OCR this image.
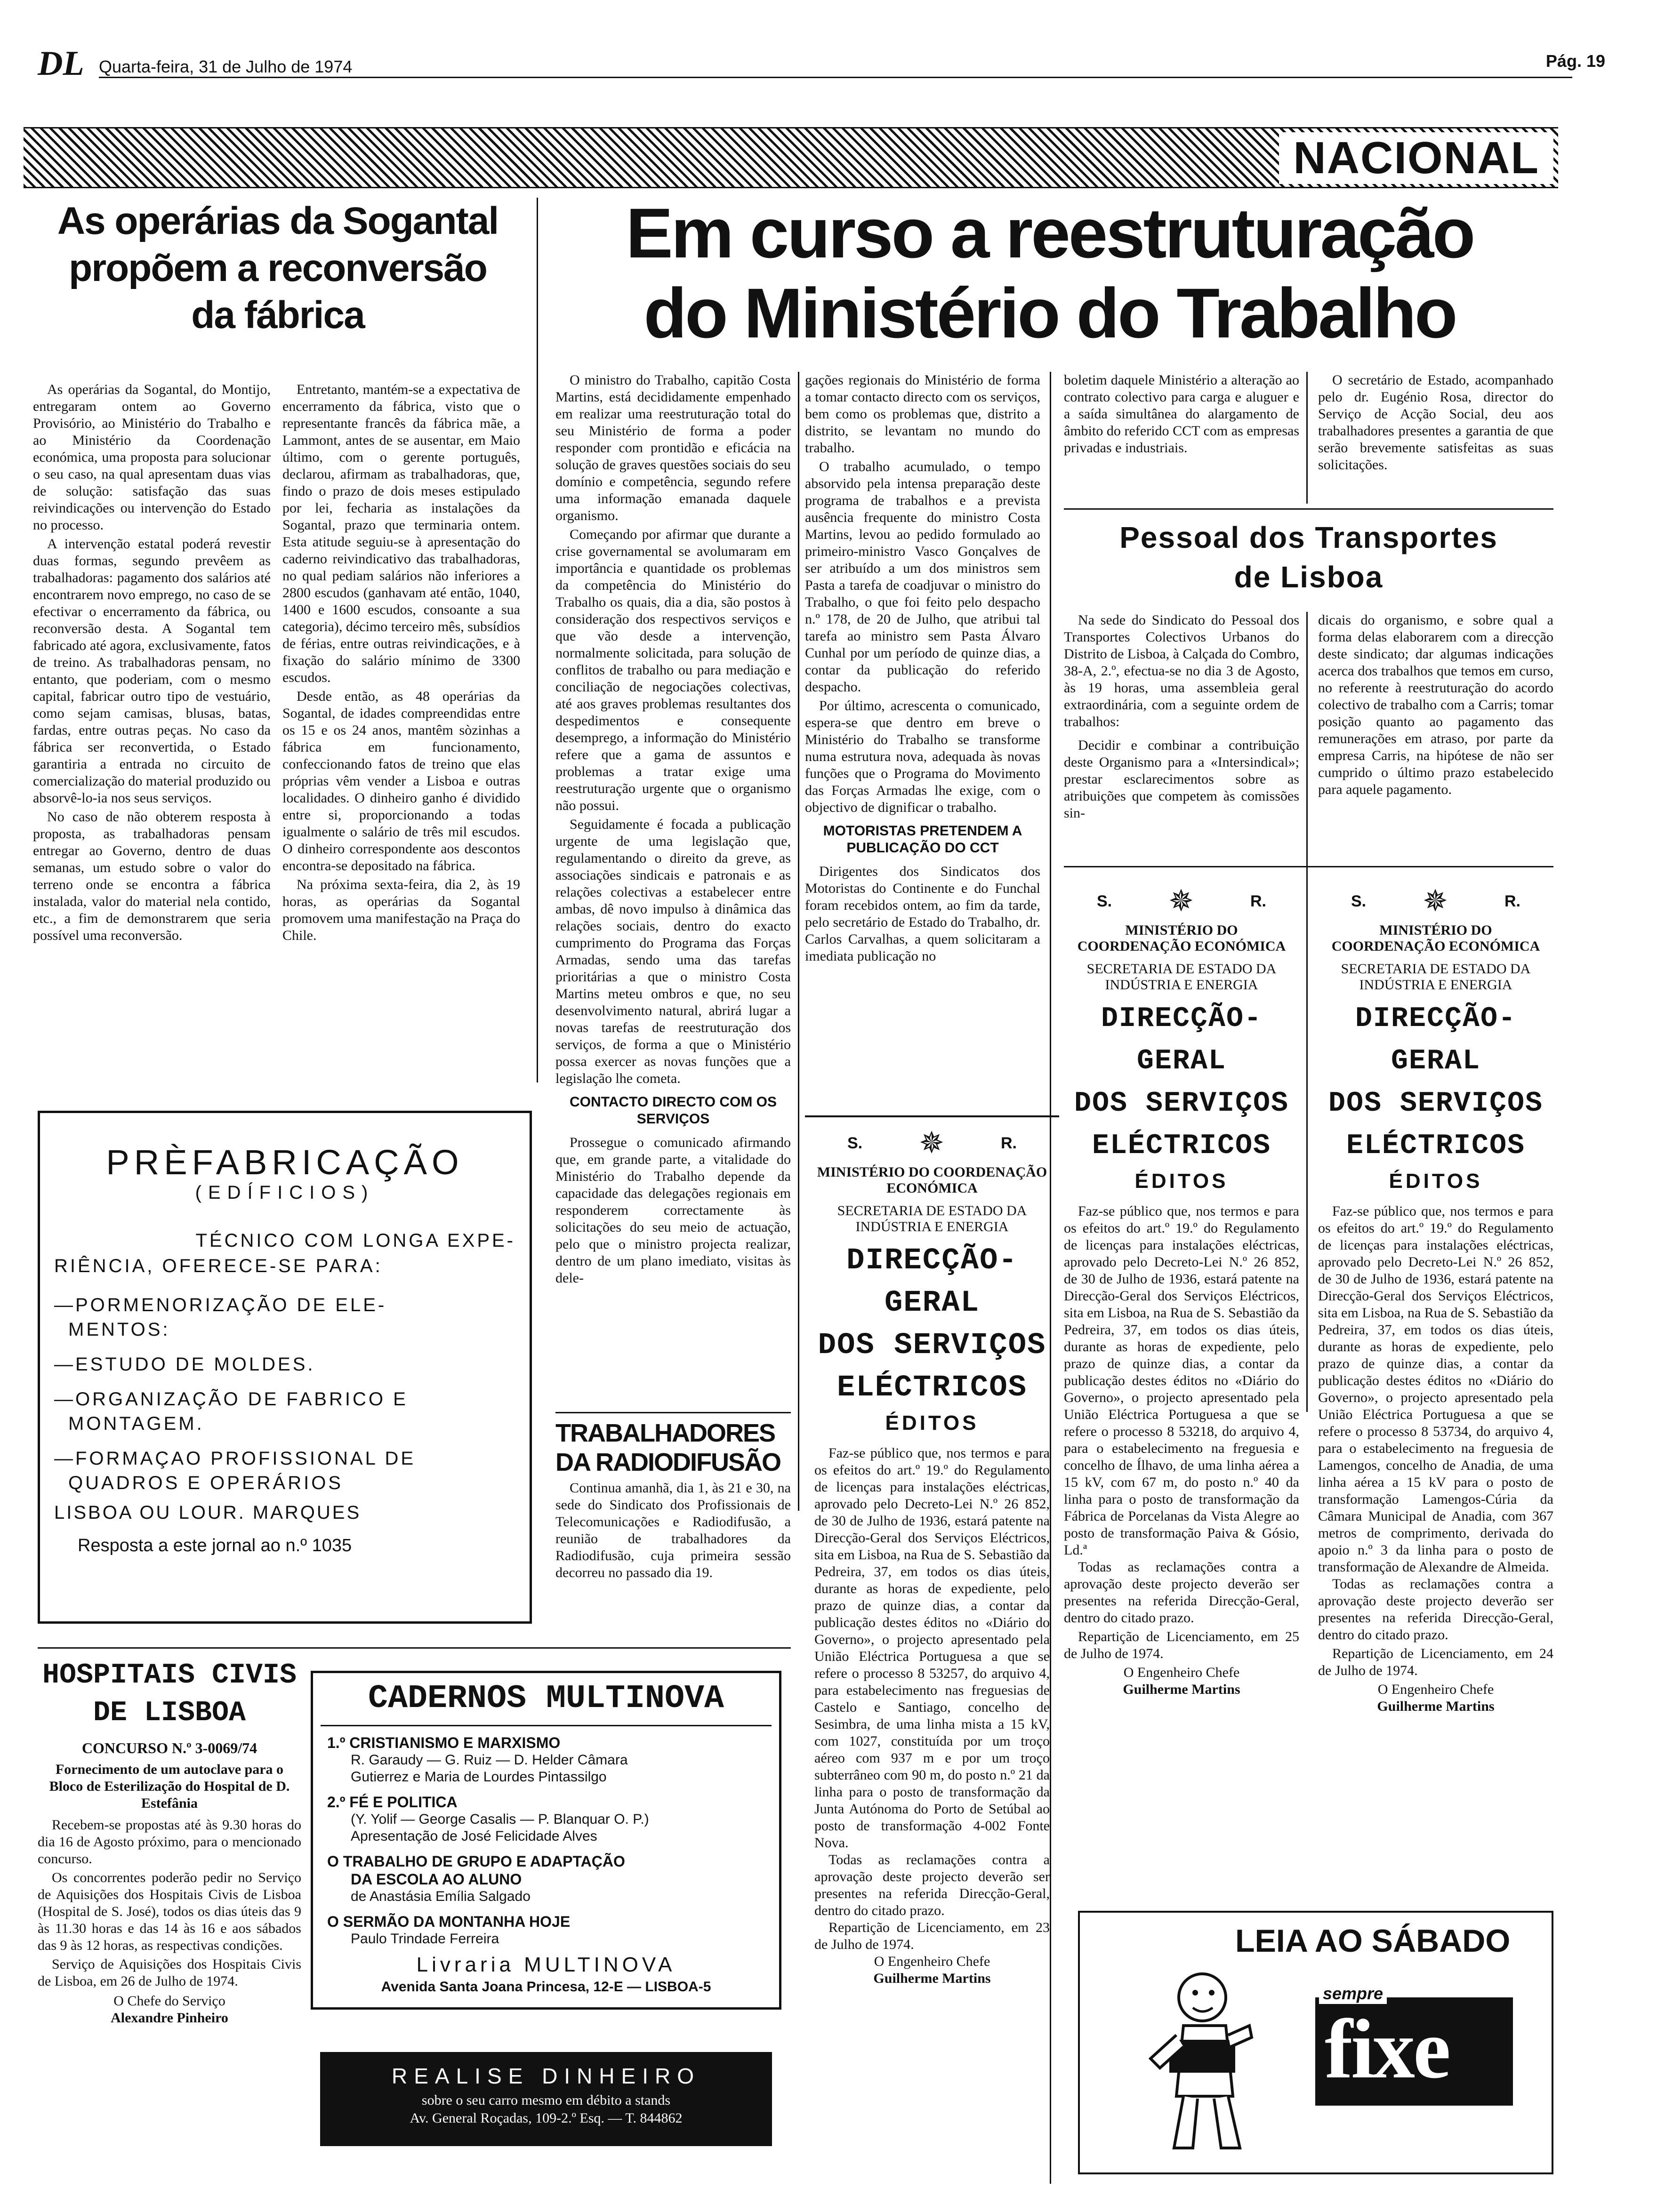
DL Quarta-feira, 31 de Julho de 1974	Pág. 19
NACIONAL
As operárias da Sogantal propõem a reconversão da fábrica

As operárias da Sogantal, do Montijo, entregaram ontem ao Governo Provisório, ao Ministério do Trabalho e ao Ministério da Coordenação económica, uma proposta para solucionar o seu caso, na qual apresentam duas vias de solução: satisfação das suas reivindicações ou intervenção do Estado no processo.

A intervenção estatal poderá revestir duas formas, segundo prevêem as trabalhadoras: pagamento dos salários até encontrarem novo emprego, no caso de se efectivar o encerramento da fábrica, ou reconversão desta. A Sogantal tem fabricado até agora, exclusivamente, fatos de treino. As trabalhadoras pensam, no entanto, que poderiam, com o mesmo capital, fabricar outro tipo de vestuário, como sejam camisas, blusas, batas, fardas, entre outras peças. No caso da fábrica ser reconvertida, o Estado garantiria a entrada no circuito de comercialização do material produzido ou absorvê-lo-ia nos seus serviços.

No caso de não obterem resposta à proposta, as trabalhadoras pensam entregar ao Governo, dentro de duas semanas, um estudo sobre o valor do terreno onde se encontra a fábrica instalada, valor do material nela contido, etc., a fim de demonstrarem que seria possível uma reconversão.

Entretanto, mantém-se a expectativa de encerramento da fábrica, visto que o representante francês da fábrica mãe, a Lammont, antes de se ausentar, em Maio último, com o gerente português, declarou, afirmam as trabalhadoras, que, findo o prazo de dois meses estipulado por lei, fecharia as instalações da Sogantal, prazo que terminaria ontem. Esta atitude seguiu-se à apresentação do caderno reivindicativo das trabalhadoras, no qual pediam salários não inferiores a 2800 escudos (ganhavam até então, 1040, 1400 e 1600 escudos, consoante a sua categoria), décimo terceiro mês, subsídios de férias, entre outras reivindicações, e à fixação do salário mínimo de 3300 escudos.

Desde então, as 48 operárias da Sogantal, de idades compreendidas entre os 15 e os 24 anos, mantêm sòzinhas a fábrica em funcionamento, confeccionando fatos de treino que elas próprias vêm vender a Lisboa e outras localidades. O dinheiro ganho é dividido entre si, proporcionando a todas igualmente o salário de três mil escudos. O dinheiro correspondente aos descontos encontra-se depositado na fábrica.

Na próxima sexta-feira, dia 2, às 19 horas, as operárias da Sogantal promovem uma manifestação na Praça do Chile.

Em curso a reestruturação
do Ministério do Trabalho

O ministro do Trabalho, capitão Costa Martins, está decididamente empenhado em realizar uma reestruturação total do seu Ministério de forma a poder responder com prontidão e eficácia na solução de graves questões sociais do seu domínio e competência, segundo refere uma informação emanada daquele organismo.

Começando por afirmar que durante a crise governamental se avolumaram em importância e quantidade os problemas da competência do Ministério do Trabalho os quais, dia a dia, são postos à consideração dos respectivos serviços e que vão desde a intervenção, normalmente solicitada, para solução de conflitos de trabalho ou para mediação e conciliação de negociações colectivas, até aos graves problemas resultantes dos despedimentos e consequente desemprego, a informação do Ministério refere que a gama de assuntos e problemas a tratar exige uma reestruturação urgente que o organismo não possui.

Seguidamente é focada a publicação urgente de uma legislação que, regulamentando o direito da greve, as associações sindicais e patronais e as relações colectivas a estabelecer entre ambas, dê novo impulso à dinâmica das relações sociais, dentro do exacto cumprimento do Programa das Forças Armadas, sendo uma das tarefas prioritárias a que o ministro Costa Martins meteu ombros e que, no seu desenvolvimento natural, abrirá lugar a novas tarefas de reestruturação dos serviços, de forma a que o Ministério possa exercer as novas funções que a legislação lhe cometa.

CONTACTO DIRECTO COM OS SERVIÇOS

Prossegue o comunicado afirmando que, em grande parte, a vitalidade do Ministério do Trabalho depende da capacidade das delegações regionais em responderem correctamente às solicitações do seu meio de actuação, pelo que o ministro projecta realizar, dentro de um plano imediato, visitas às dele-

gações regionais do Ministério de forma a tomar contacto directo com os serviços, bem como os problemas que, distrito a distrito, se levantam no mundo do trabalho.

O trabalho acumulado, o tempo absorvido pela intensa preparação deste programa de trabalhos e a prevista ausência frequente do ministro Costa Martins, levou ao pedido formulado ao primeiro-ministro Vasco Gonçalves de ser atribuído a um dos ministros sem Pasta a tarefa de coadjuvar o ministro do Trabalho, o que foi feito pelo despacho n.º 178, de 20 de Julho, que atribui tal tarefa ao ministro sem Pasta Álvaro Cunhal por um período de quinze dias, a contar da publicação do referido despacho.

Por último, acrescenta o comunicado, espera-se que dentro em breve o Ministério do Trabalho se transforme numa estrutura nova, adequada às novas funções que o Programa do Movimento das Forças Armadas lhe exige, com o objectivo de dignificar o trabalho.

MOTORISTAS PRETENDEM A PUBLICAÇÃO DO CCT

Dirigentes dos Sindicatos dos Motoristas do Continente e do Funchal foram recebidos ontem, ao fim da tarde, pelo secretário de Estado do Trabalho, dr. Carlos Carvalhas, a quem solicitaram a imediata publicação no

boletim daquele Ministério a alteração ao contrato colectivo para carga e aluguer e a saída simultânea do alargamento de âmbito do referido CCT com as empresas privadas e industriais.

O secretário de Estado, acompanhado pelo dr. Eugénio Rosa, director do Serviço de Acção Social, deu aos trabalhadores presentes a garantia de que serão brevemente satisfeitas as suas solicitações.

Pessoal dos Transportes
de Lisboa

Na sede do Sindicato do Pessoal dos Transportes Colectivos Urbanos do Distrito de Lisboa, à Calçada do Combro, 38-A, 2.º, efectua-se no dia 3 de Agosto, às 19 horas, uma assembleia geral extraordinária, com a seguinte ordem de trabalhos:

Decidir e combinar a contribuição deste Organismo para a «Intersindical»; prestar esclarecimentos sobre as atribuições que competem às comissões sin-

dicais do organismo, e sobre qual a forma delas elaborarem com a direcção deste sindicato; dar algumas indicações acerca dos trabalhos que temos em curso, no referente à reestruturação do acordo colectivo de trabalho com a Carris; tomar posição quanto ao pagamento das remunerações em atraso, por parte da empresa Carris, na hipótese de não ser cumprido o último prazo estabelecido para aquele pagamento.

PRÈFABRICAÇÃO
(EDÍFICIOS)
TÉCNICO COM LONGA EXPE-
RIÊNCIA, OFERECE-SE PARA:
—PORMENORIZAÇÃO DE ELE-
MENTOS:
—ESTUDO DE MOLDES.
—ORGANIZAÇÃO DE FABRICO E
MONTAGEM.
—FORMAÇAO PROFISSIONAL DE
QUADROS E OPERÁRIOS
LISBOA OU LOUR. MARQUES
Resposta a este jornal ao n.º 1035
TRABALHADORES
DA RADIODIFUSÃO

Continua amanhã, dia 1, às 21 e 30, na sede do Sindicato dos Profissionais de Telecomunicações e Radiodifusão, a reunião de trabalhadores da Radiodifusão, cuja primeira sessão decorreu no passado dia 19.

S. ✵	R.
MINISTÉRIO DO COORDENAÇÃO ECONÓMICA
SECRETARIA DE ESTADO DA INDÚSTRIA E ENERGIA
DIRECÇÃO-GERAL
DOS SERVIÇOS
ELÉCTRICOS
ÉDITOS

Faz-se público que, nos termos e para os efeitos do art.º 19.º do Regulamento de licenças para instalações eléctricas, aprovado pelo Decreto-Lei N.º 26 852, de 30 de Julho de 1936, estará patente na Direcção-Geral dos Serviços Eléctricos, sita em Lisboa, na Rua de S. Sebastião da Pedreira, 37, em todos os dias úteis, durante as horas de expediente, pelo prazo de quinze dias, a contar da publicação destes éditos no «Diário do Governo», o projecto apresentado pela União Eléctrica Portuguesa a que se refere o processo 8 53257, do arquivo 4, para estabelecimento nas freguesias de Castelo e Santiago, concelho de Sesimbra, de uma linha mista a 15 kV, com 1027, constituída por um troço aéreo com 937 m e por um troço subterrâneo com 90 m, do posto n.º 21 da linha para o posto de transformação da Junta Autónoma do Porto de Setúbal ao posto de transformação 4-002 Fonte Nova.

Todas as reclamações contra a aprovação deste projecto deverão ser presentes na referida Direcção-Geral, dentro do citado prazo.

Repartição de Licenciamento, em 23 de Julho de 1974.

O Engenheiro Chefe
Guilherme Martins
S. ✵	R.
MINISTÉRIO DO COORDENAÇÃO ECONÓMICA
SECRETARIA DE ESTADO DA INDÚSTRIA E ENERGIA
DIRECÇÃO-GERAL
DOS SERVIÇOS
ELÉCTRICOS
ÉDITOS

Faz-se público que, nos termos e para os efeitos do art.º 19.º do Regulamento de licenças para instalações eléctricas, aprovado pelo Decreto-Lei N.º 26 852, de 30 de Julho de 1936, estará patente na Direcção-Geral dos Serviços Eléctricos, sita em Lisboa, na Rua de S. Sebastião da Pedreira, 37, em todos os dias úteis, durante as horas de expediente, pelo prazo de quinze dias, a contar da publicação destes éditos no «Diário do Governo», o projecto apresentado pela União Eléctrica Portuguesa a que se refere o processo 8 53218, do arquivo 4, para o estabelecimento na freguesia e concelho de Ílhavo, de uma linha aérea a 15 kV, com 67 m, do posto n.º 40 da linha para o posto de transformação da Fábrica de Porcelanas da Vista Alegre ao posto de transformação Paiva & Gósio, Ld.ª

Todas as reclamações contra a aprovação deste projecto deverão ser presentes na referida Direcção-Geral, dentro do citado prazo.

Repartição de Licenciamento, em 25 de Julho de 1974.

O Engenheiro Chefe
Guilherme Martins
S. ✵	R.
MINISTÉRIO DO COORDENAÇÃO ECONÓMICA
SECRETARIA DE ESTADO DA INDÚSTRIA E ENERGIA
DIRECÇÃO-GERAL
DOS SERVIÇOS
ELÉCTRICOS
ÉDITOS

Faz-se público que, nos termos e para os efeitos do art.º 19.º do Regulamento de licenças para instalações eléctricas, aprovado pelo Decreto-Lei N.º 26 852, de 30 de Julho de 1936, estará patente na Direcção-Geral dos Serviços Eléctricos, sita em Lisboa, na Rua de S. Sebastião da Pedreira, 37, em todos os dias úteis, durante as horas de expediente, pelo prazo de quinze dias, a contar da publicação destes éditos no «Diário do Governo», o projecto apresentado pela União Eléctrica Portuguesa a que se refere o processo 8 53734, do arquivo 4, para o estabelecimento na freguesia de Lamengos, concelho de Anadia, de uma linha aérea a 15 kV para o posto de transformação Lamengos-Cúria da Câmara Municipal de Anadia, com 367 metros de comprimento, derivada do apoio n.º 3 da linha para o posto de transformação de Alexandre de Almeida.

Todas as reclamações contra a aprovação deste projecto deverão ser presentes na referida Direcção-Geral, dentro do citado prazo.

Repartição de Licenciamento, em 24 de Julho de 1974.

O Engenheiro Chefe
Guilherme Martins
HOSPITAIS CIVIS
DE LISBOA
CONCURSO N.º 3-0069/74

Fornecimento de um autoclave para o Bloco de Esterilização do Hospital de D. Estefânia

Recebem-se propostas até às 9.30 horas do dia 16 de Agosto próximo, para o mencionado concurso.

Os concorrentes poderão pedir no Serviço de Aquisições dos Hospitais Civis de Lisboa (Hospital de S. José), todos os dias úteis das 9 às 11.30 horas e das 14 às 16 e aos sábados das 9 às 12 horas, as respectivas condições.

Serviço de Aquisições dos Hospitais Civis de Lisboa, em 26 de Julho de 1974.

O Chefe do Serviço
Alexandre Pinheiro
CADERNOS MULTINOVA
1.º CRISTIANISMO E MARXISMO
R. Garaudy — G. Ruiz — D. Helder Câmara
Gutierrez e Maria de Lourdes Pintassilgo
2.º FÉ E POLITICA
(Y. Yolif — George Casalis — P. Blanquar O. P.)
Apresentação de José Felicidade Alves
O TRABALHO DE GRUPO E ADAPTAÇÃO
DA ESCOLA AO ALUNO
de Anastásia Emília Salgado
O SERMÃO DA MONTANHA HOJE
Paulo Trindade Ferreira
Livraria MULTINOVA
Avenida Santa Joana Princesa, 12-E — LISBOA-5
REALISE DINHEIRO
sobre o seu carro mesmo em débito a stands
Av. General Roçadas, 109-2.º Esq. — T. 844862
LEIA AO SÁBADO
sempre
fixe
